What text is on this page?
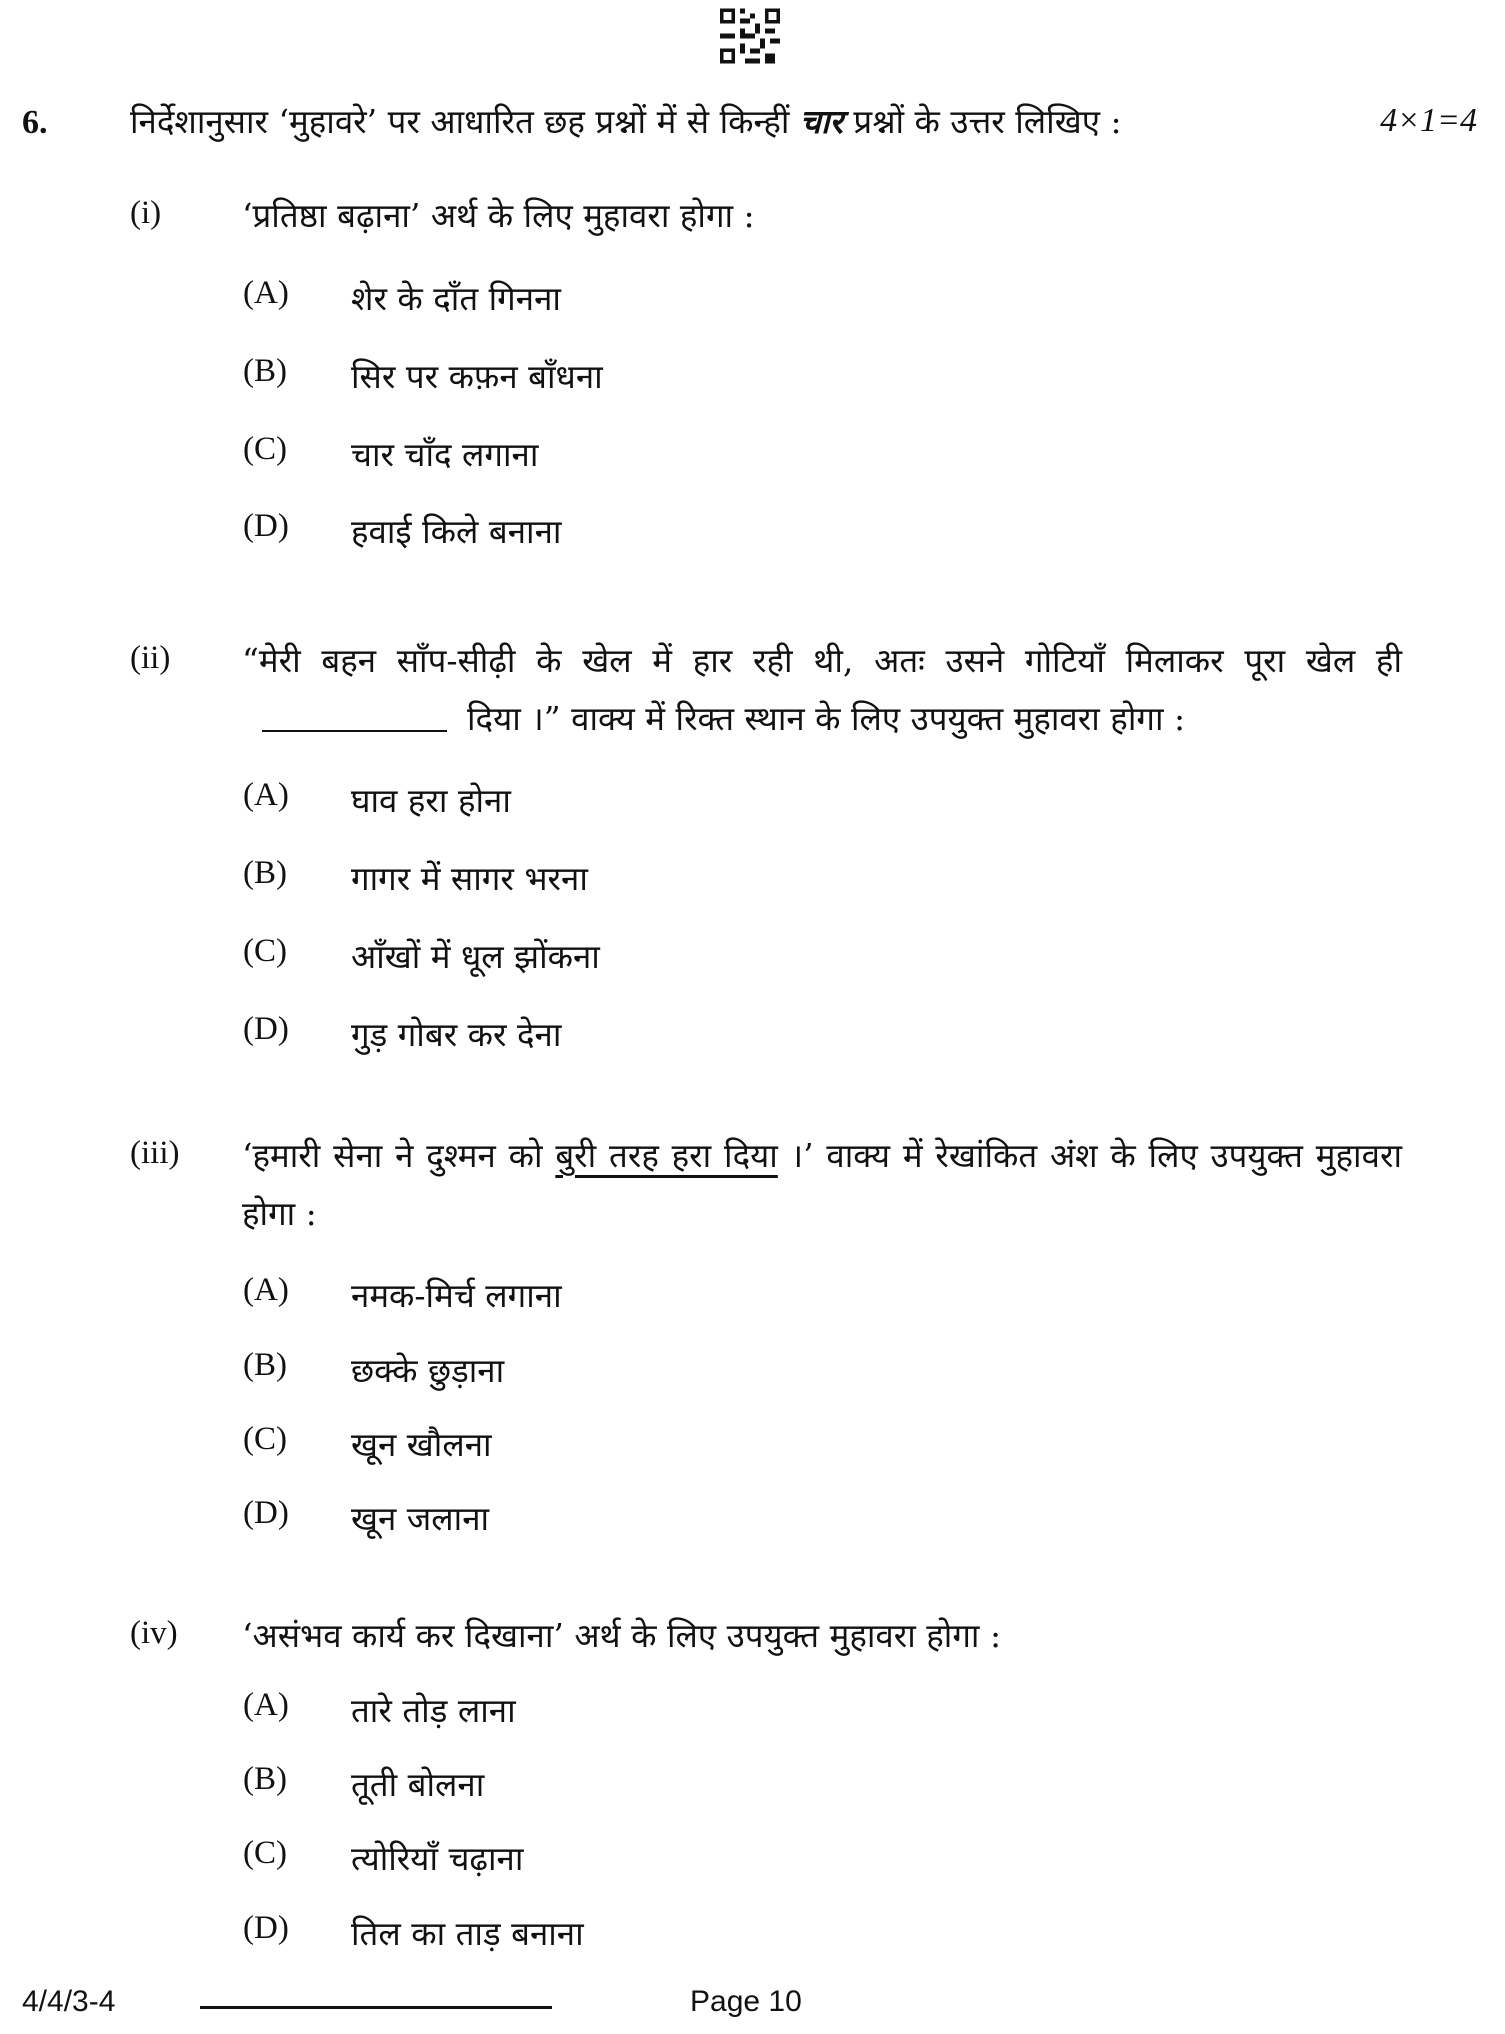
6.	निर्देशानुसार ‘मुहावरे’ पर आधारित छह प्रश्नों में से किन्हीं चार प्रश्नों के उत्तर लिखिए :	4×1=4
(i) ‘प्रतिष्ठा बढ़ाना’ अर्थ के लिए मुहावरा होगा :
(A) शेर के दाँत गिनना
(B) सिर पर कफ़न बाँधना
(C) चार चाँद लगाना
(D) हवाई किले बनाना
(ii) “मेरी बहन साँप-सीढ़ी के खेल में हार रही थी, अतः उसने गोटियाँ मिलाकर पूरा खेल हीदिया ।” वाक्य में रिक्त स्थान के लिए उपयुक्त मुहावरा होगा :
(A) घाव हरा होना
(B) गागर में सागर भरना
(C) आँखों में धूल झोंकना
(D) गुड़ गोबर कर देना
(iii) ‘हमारी सेना ने दुश्मन को बुरी तरह हरा दिया ।’ वाक्य में रेखांकित अंश के लिए उपयुक्त मुहावरा होगा :
(A) नमक-मिर्च लगाना
(B) छक्के छुड़ाना
(C) खून खौलना
(D) खून जलाना
(iv) ‘असंभव कार्य कर दिखाना’ अर्थ के लिए उपयुक्त मुहावरा होगा :
(A) तारे तोड़ लाना
(B) तूती बोलना
(C) त्योरियाँ चढ़ाना
(D) तिल का ताड़ बनाना
4/4/3-4	Page 10
